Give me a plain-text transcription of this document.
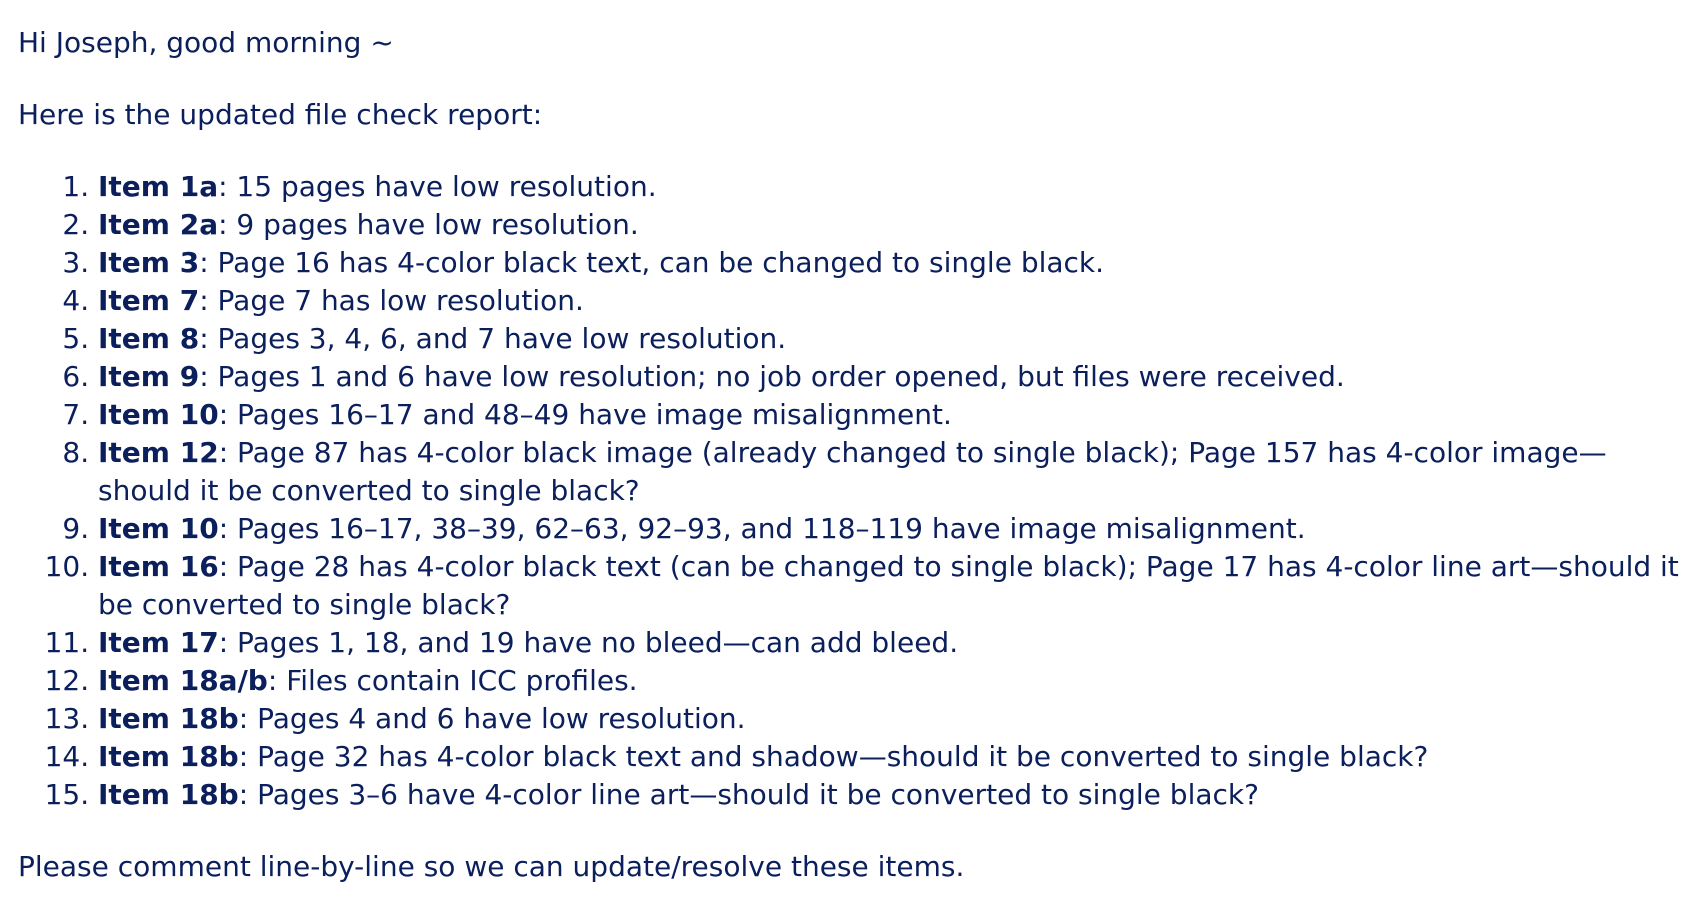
Hi Joseph, good morning ~

Here is the updated file check report:

1. Item 1a: 15 pages have low resolution.
2. Item 2a: 9 pages have low resolution.
3. Item 3: Page 16 has 4-color black text, can be changed to single black.
4. Item 7: Page 7 has low resolution.
5. Item 8: Pages 3, 4, 6, and 7 have low resolution.
6. Item 9: Pages 1 and 6 have low resolution; no job order opened, but files were received.
7. Item 10: Pages 16–17 and 48–49 have image misalignment.
8. Item 12: Page 87 has 4-color black image (already changed to single black); Page 157 has 4-color image—should it be converted to single black?
9. Item 10: Pages 16–17, 38–39, 62–63, 92–93, and 118–119 have image misalignment.
10. Item 16: Page 28 has 4-color black text (can be changed to single black); Page 17 has 4-color line art—should it be converted to single black?
11. Item 17: Pages 1, 18, and 19 have no bleed—can add bleed.
12. Item 18a/b: Files contain ICC profiles.
13. Item 18b: Pages 4 and 6 have low resolution.
14. Item 18b: Page 32 has 4-color black text and shadow—should it be converted to single black?
15. Item 18b: Pages 3–6 have 4-color line art—should it be converted to single black?

Please comment line-by-line so we can update/resolve these items.
